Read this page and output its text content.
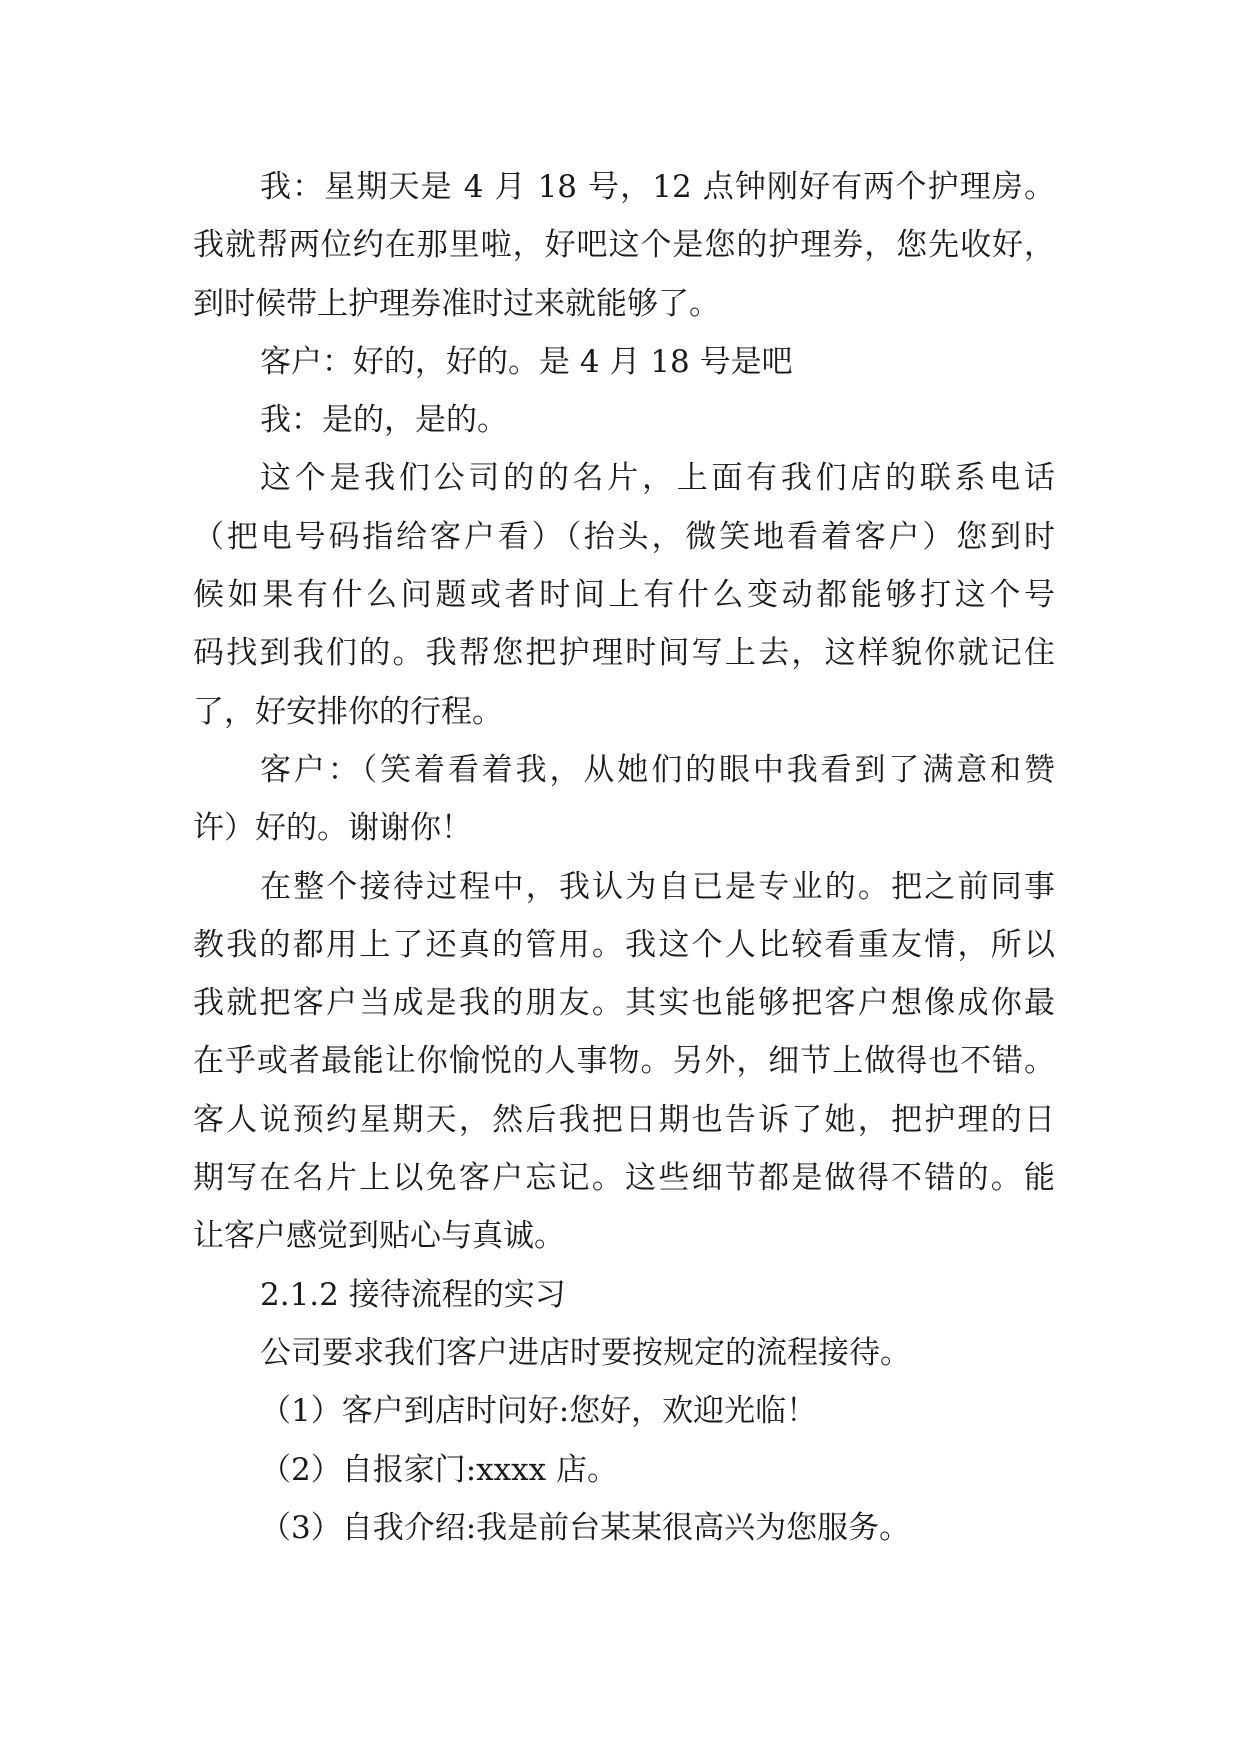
我：星期天是 4 月 18 号，12 点钟刚好有两个护理房。
我就帮两位约在那里啦，好吧这个是您的护理券，您先收好，
到时候带上护理券准时过来就能够了。
客户：好的，好的。是 4 月 18 号是吧
我：是的，是的。
这个是我们公司的的名片，上面有我们店的联系电话
（把电号码指给客户看）（抬头，微笑地看着客户）您到时
候如果有什么问题或者时间上有什么变动都能够打这个号
码找到我们的。我帮您把护理时间写上去，这样貌你就记住
了，好安排你的行程。
客户：（笑着看着我，从她们的眼中我看到了满意和赞
许）好的。谢谢你！
在整个接待过程中，我认为自已是专业的。把之前同事
教我的都用上了还真的管用。我这个人比较看重友情，所以
我就把客户当成是我的朋友。其实也能够把客户想像成你最
在乎或者最能让你愉悦的人事物。另外，细节上做得也不错。
客人说预约星期天，然后我把日期也告诉了她，把护理的日
期写在名片上以免客户忘记。这些细节都是做得不错的。能
让客户感觉到贴心与真诚。
2.1.2 接待流程的实习
公司要求我们客户进店时要按规定的流程接待。
（1）客户到店时问好:您好，欢迎光临！
（2）自报家门:xxxx 店。
（3）自我介绍:我是前台某某很高兴为您服务。
